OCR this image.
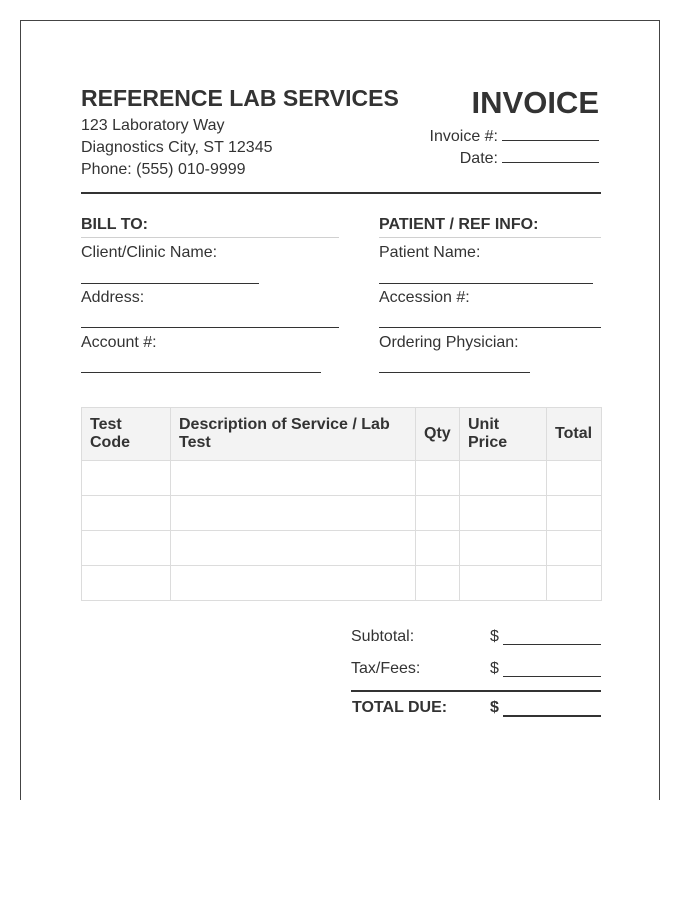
REFERENCE LAB SERVICES
123 Laboratory Way
Diagnostics City, ST 12345
Phone: (555) 010-9999
INVOICE
Invoice #:
Date:
BILL TO:
Client/Clinic Name:
Address:
Account #:
PATIENT / REF INFO:
Patient Name:
Accession #:
Ordering Physician:
Test Code	Description of Service / Lab Test	Qty	Unit Price	Total

Subtotal:	$
Tax/Fees:	$
TOTAL DUE:	$
